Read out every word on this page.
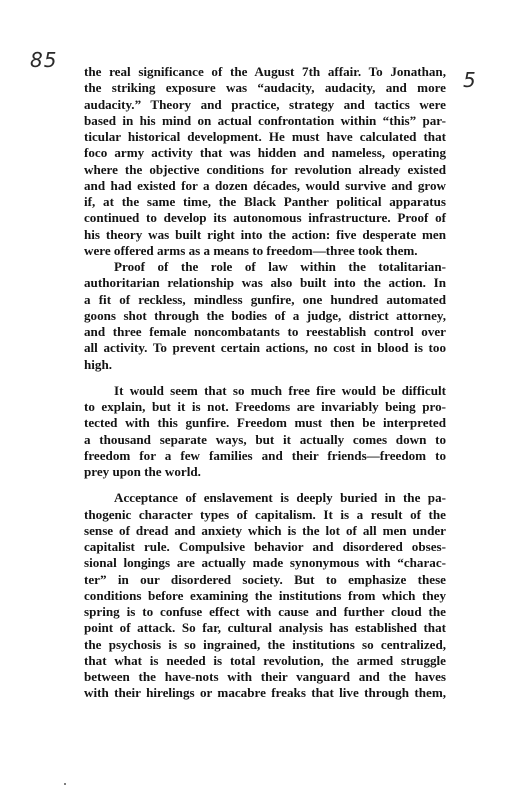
85
5
the real significance of the August 7th affair. To Jonathan,
the striking exposure was “audacity, audacity, and more
audacity.” Theory and practice, strategy and tactics were
based in his mind on actual confrontation within “this” par-
ticular historical development. He must have calculated that
foco army activity that was hidden and nameless, operating
where the objective conditions for revolution already existed
and had existed for a dozen décades, would survive and grow
if, at the same time, the Black Panther political apparatus
continued to develop its autonomous infrastructure. Proof of
his theory was built right into the action: five desperate men
were offered arms as a means to freedom—three took them.
Proof of the role of law within the totalitarian-
authoritarian relationship was also built into the action. In
a fit of reckless, mindless gunfire, one hundred automated
goons shot through the bodies of a judge, district attorney,
and three female noncombatants to reestablish control over
all activity. To prevent certain actions, no cost in blood is too
high.
It would seem that so much free fire would be difficult
to explain, but it is not. Freedoms are invariably being pro-
tected with this gunfire. Freedom must then be interpreted
a thousand separate ways, but it actually comes down to
freedom for a few families and their friends—freedom to
prey upon the world.
Acceptance of enslavement is deeply buried in the pa-
thogenic character types of capitalism. It is a result of the
sense of dread and anxiety which is the lot of all men under
capitalist rule. Compulsive behavior and disordered obses-
sional longings are actually made synonymous with “charac-
ter” in our disordered society. But to emphasize these
conditions before examining the institutions from which they
spring is to confuse effect with cause and further cloud the
point of attack. So far, cultural analysis has established that
the psychosis is so ingrained, the institutions so centralized,
that what is needed is total revolution, the armed struggle
between the have-nots with their vanguard and the haves
with their hirelings or macabre freaks that live through them,
